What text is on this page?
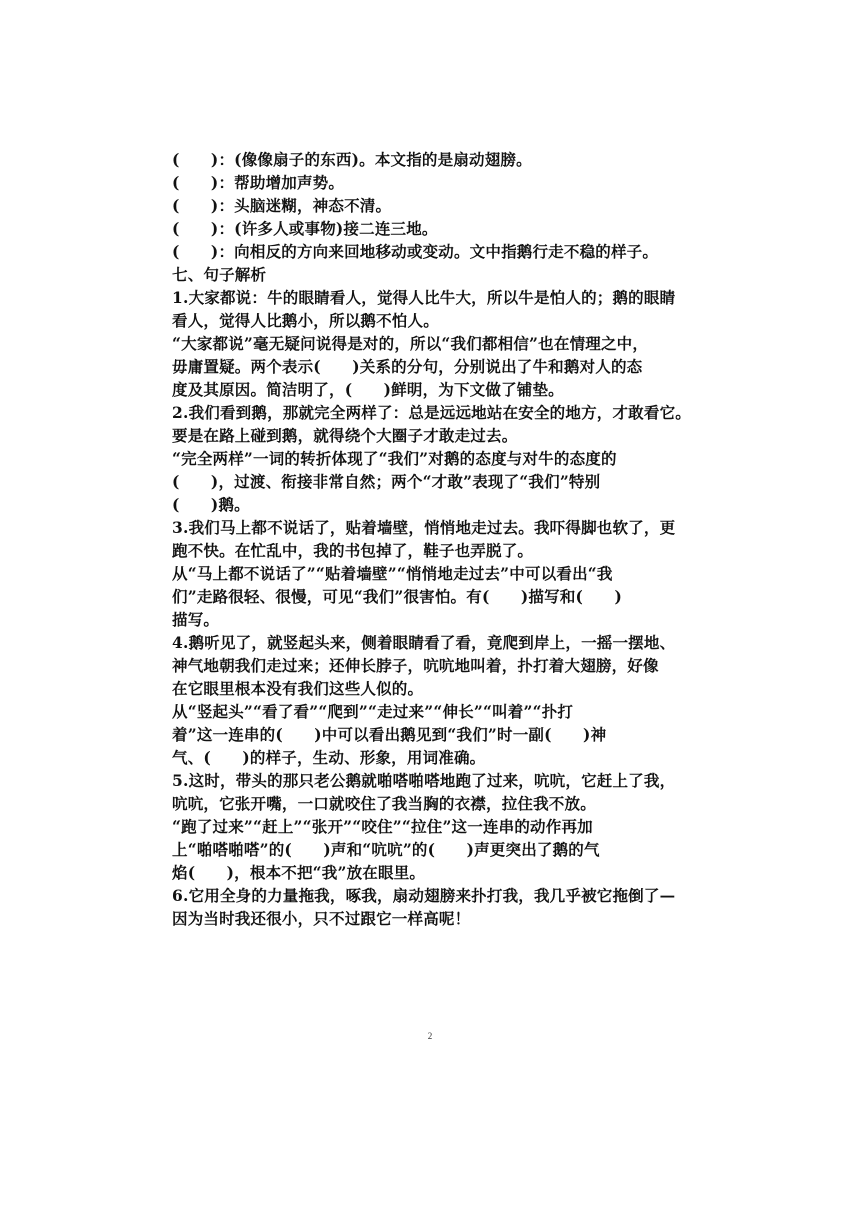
(　　)：(像像扇子的东西)。本文指的是扇动翅膀。
(　　)：帮助增加声势。
(　　)：头脑迷糊，神态不清。
(　　)：(许多人或事物)接二连三地。
(　　)：向相反的方向来回地移动或变动。文中指鹅行走不稳的样子。
七、句子解析
1.大家都说：牛的眼睛看人，觉得人比牛大，所以牛是怕人的；鹅的眼睛
看人，觉得人比鹅小，所以鹅不怕人。
“大家都说”毫无疑问说得是对的，所以“我们都相信”也在情理之中，
毋庸置疑。两个表示(　　)关系的分句，分别说出了牛和鹅对人的态
度及其原因。简洁明了，(　　)鲜明，为下文做了铺垫。
2.我们看到鹅，那就完全两样了：总是远远地站在安全的地方，才敢看它。
要是在路上碰到鹅，就得绕个大圈子才敢走过去。
“完全两样”一词的转折体现了“我们”对鹅的态度与对牛的态度的
(　　)，过渡、衔接非常自然；两个“才敢”表现了“我们”特别
(　　)鹅。
3.我们马上都不说话了，贴着墙壁，悄悄地走过去。我吓得脚也软了，更
跑不快。在忙乱中，我的书包掉了，鞋子也弄脱了。
从“马上都不说话了”“贴着墙壁”“悄悄地走过去”中可以看出“我
们”走路很轻、很慢，可见“我们”很害怕。有(　　)描写和(　　)
描写。
4.鹅听见了，就竖起头来，侧着眼睛看了看，竟爬到岸上，一摇一摆地、
神气地朝我们走过来；还伸长脖子，吭吭地叫着，扑打着大翅膀，好像
在它眼里根本没有我们这些人似的。
从“竖起头”“看了看”“爬到”“走过来”“伸长”“叫着”“扑打
着”这一连串的(　　)中可以看出鹅见到“我们”时一副(　　)神
气、(　　)的样子，生动、形象，用词准确。
5.这时，带头的那只老公鹅就啪嗒啪嗒地跑了过来，吭吭，它赶上了我，
吭吭，它张开嘴，一口就咬住了我当胸的衣襟，拉住我不放。
“跑了过来”“赶上”“张开”“咬住”“拉住”这一连串的动作再加
上“啪嗒啪嗒”的(　　)声和“吭吭”的(　　)声更突出了鹅的气
焰(　　)，根本不把“我”放在眼里。
6.它用全身的力量拖我，啄我，扇动翅膀来扑打我，我几乎被它拖倒了—
因为当时我还很小，只不过跟它一样高呢！
2
